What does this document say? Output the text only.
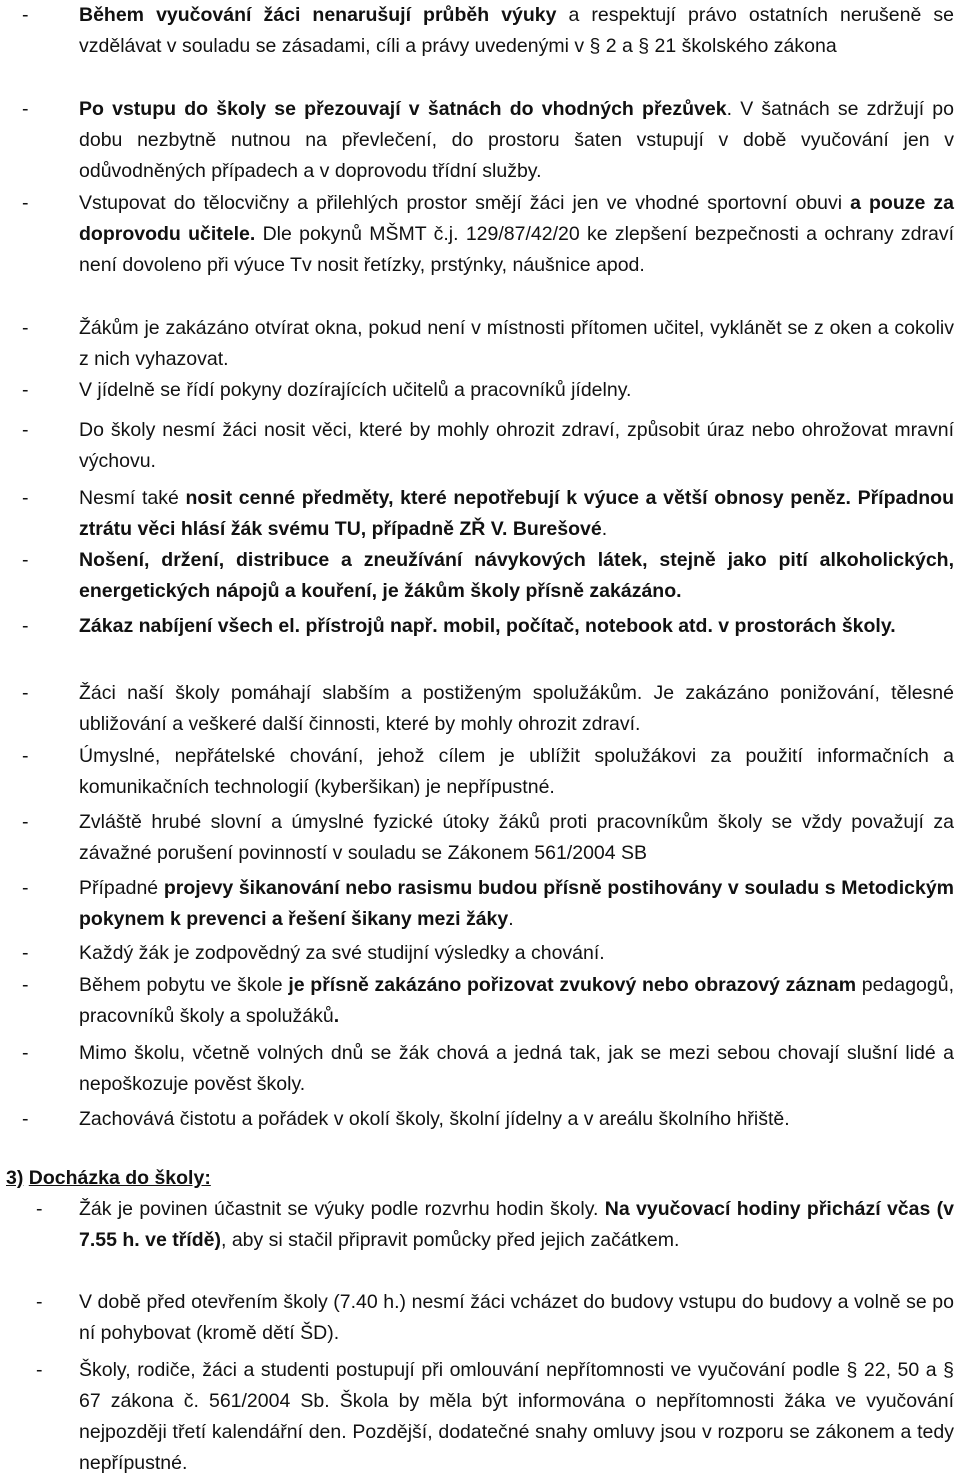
-	Během vyučování žáci nenarušují průběh výuky a respektují právo ostatních nerušeně se vzdělávat v souladu se zásadami, cíli a právy uvedenými v § 2 a § 21 školského zákona
-	Po vstupu do školy se přezouvají v šatnách do vhodných přezůvek. V šatnách se zdržují po dobu nezbytně nutnou na převlečení, do prostoru šaten vstupují v době vyučování jen v odůvodněných případech a v doprovodu třídní služby.
-	Vstupovat do tělocvičny a přilehlých prostor smějí žáci jen ve vhodné sportovní obuvi a pouze za doprovodu učitele. Dle pokynů MŠMT č.j. 129/87/42/20 ke zlepšení bezpečnosti a ochrany zdraví není dovoleno při výuce Tv nosit řetízky, prstýnky, náušnice apod.
-	Žákům je zakázáno otvírat okna, pokud není v místnosti přítomen učitel, vyklánět se z oken a cokoliv z nich vyhazovat.
-	V jídelně se řídí pokyny dozírajících učitelů a pracovníků jídelny.
-	Do školy nesmí žáci nosit věci, které by mohly ohrozit zdraví, způsobit úraz nebo ohrožovat mravní výchovu.
-	Nesmí také nosit cenné předměty, které nepotřebují k výuce a větší obnosy peněz. Případnou ztrátu věci hlásí žák svému TU, případně ZŘ V. Burešové.
-	Nošení, držení, distribuce a zneužívání návykových látek, stejně jako pití alkoholických, energetických nápojů a kouření, je žákům školy přísně zakázáno.
-	Zákaz nabíjení všech el. přístrojů např. mobil, počítač, notebook atd. v prostorách školy.
-	Žáci naší školy pomáhají slabším a postiženým spolužákům. Je zakázáno ponižování, tělesné ubližování a veškeré další činnosti, které by mohly ohrozit zdraví.
-	Úmyslné, nepřátelské chování, jehož cílem je ublížit spolužákovi za použití informačních a komunikačních technologií (kyberšikan) je nepřípustné.
-	Zvláště hrubé slovní a úmyslné fyzické útoky žáků proti pracovníkům školy se vždy považují za závažné porušení povinností v souladu se Zákonem 561/2004 SB
-	Případné projevy šikanování nebo rasismu budou přísně postihovány v souladu s Metodickým pokynem k prevenci a řešení šikany mezi žáky.
-	Každý žák je zodpovědný za své studijní výsledky a chování.
-	Během pobytu ve škole je přísně zakázáno pořizovat zvukový nebo obrazový záznam pedagogů, pracovníků školy a spolužáků.
-	Mimo školu, včetně volných dnů se žák chová a jedná tak, jak se mezi sebou chovají slušní lidé a nepoškozuje pověst školy.
-	Zachovává čistotu a pořádek v okolí školy, školní jídelny a v areálu školního hřiště.
3) Docházka do školy:
- Žák je povinen účastnit se výuky podle rozvrhu hodin školy. Na vyučovací hodiny přichází včas (v 7.55 h. ve třídě), aby si stačil připravit pomůcky před jejich začátkem.
- V době před otevřením školy (7.40 h.) nesmí žáci vcházet do budovy vstupu do budovy a volně se po ní pohybovat (kromě dětí ŠD).
- Školy, rodiče, žáci a studenti postupují při omlouvání nepřítomnosti ve vyučování podle § 22, 50 a § 67 zákona č. 561/2004 Sb. Škola by měla být informována o nepřítomnosti žáka ve vyučování nejpozději třetí kalendářní den. Pozdější, dodatečné snahy omluvy jsou v rozporu se zákonem a tedy nepřípustné.
